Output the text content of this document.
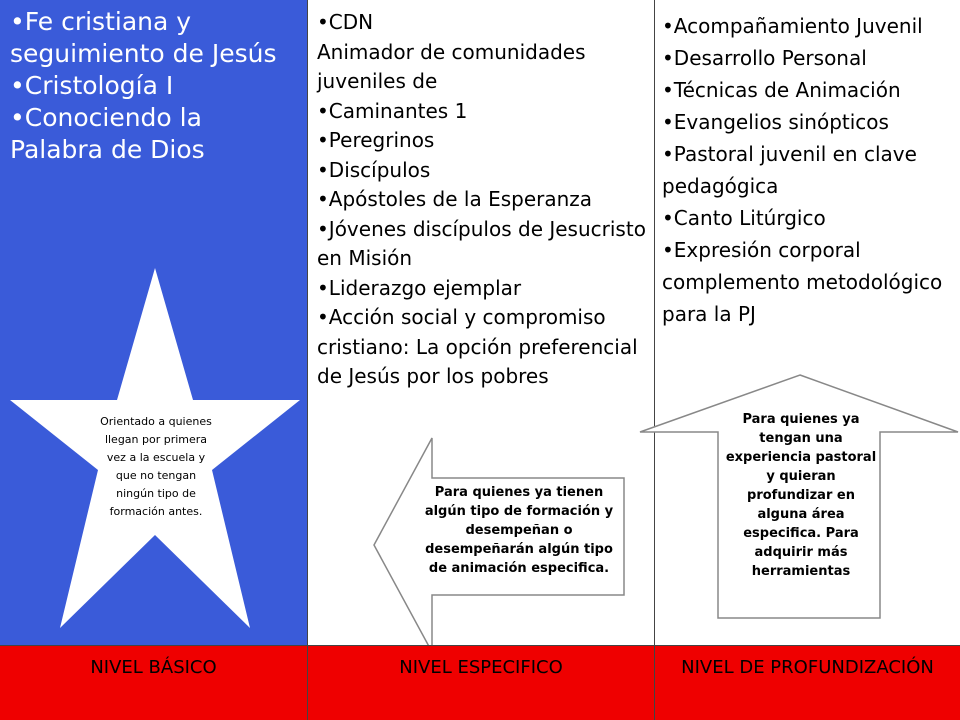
•Fe cristiana y seguimiento de Jesús
•Cristología I
•Conociendo la Palabra de Dios
•CDN
Animador de comunidades juveniles de
•Caminantes 1
•Peregrinos
•Discípulos
•Apóstoles de la Esperanza
•Jóvenes discípulos de Jesucristo en Misión
•Liderazgo ejemplar
•Acción social y compromiso cristiano: La opción preferencial de Jesús por los pobres
•Acompañamiento Juvenil
•Desarrollo Personal
•Técnicas de Animación
•Evangelios sinópticos
•Pastoral juvenil en clave pedagógica
•Canto Litúrgico
•Expresión corporal complemento metodológico para la PJ
Orientado a quienes llegan por primera vez a la escuela y que no tengan ningún tipo de formación antes.
Para quienes ya tienen algún tipo de formación y desempeñan o desempeñarán algún tipo de animación especifica.
Para quienes ya tengan una experiencia pastoral y quieran profundizar en alguna área especifica. Para adquirir más herramientas
NIVEL BÁSICO	NIVEL ESPECIFICO	NIVEL DE PROFUNDIZACIÓN
